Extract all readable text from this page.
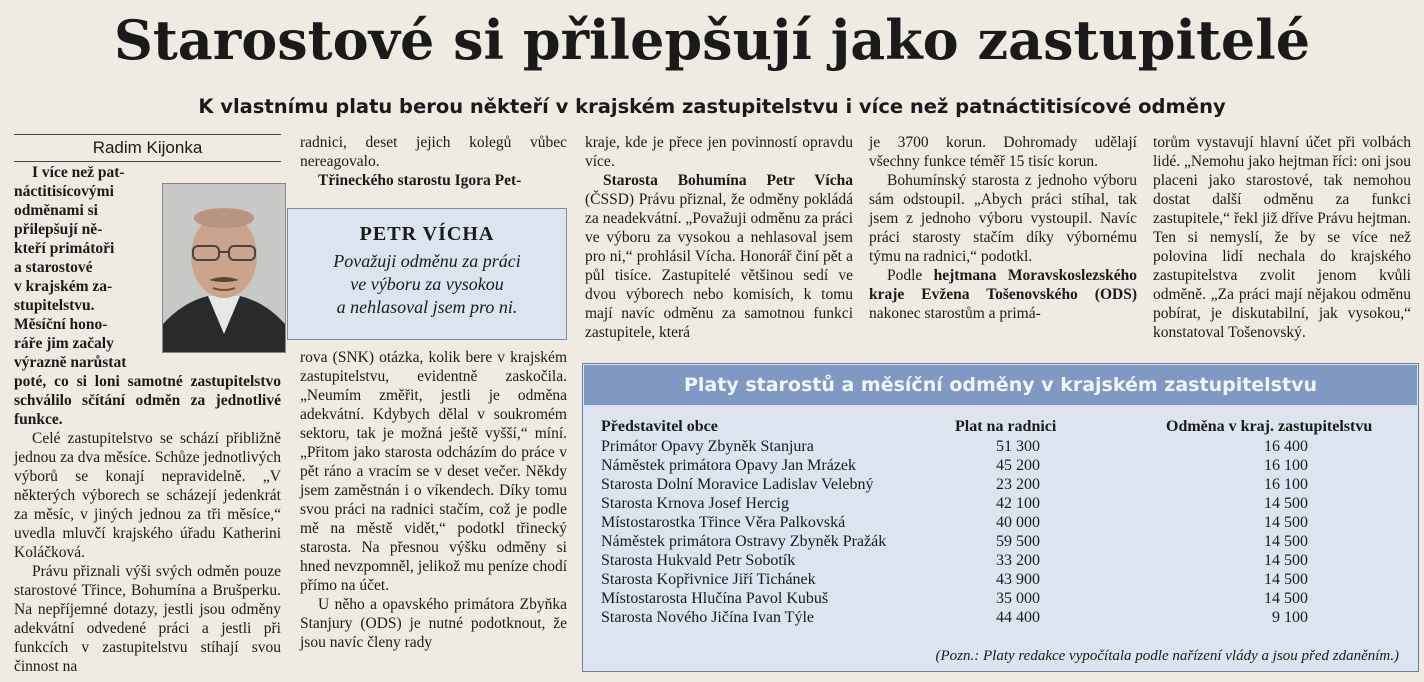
Starostové si přilepšují jako zastupitelé
K vlastnímu platu berou někteří v krajském zastupitelstvu i více než patnáctitisícové odměny
Radim Kijonka
I více než pat-
náctitisícovými
odměnami si
přilepšují ně-
kteří primátoři
a starostové
v krajském za-
stupitelstvu.
Měsíční hono-
ráře jim začaly
výrazně narůstat

poté, co si loni samotné zastupitelstvo schválilo sčítání odměn za jednotlivé funkce.

Celé zastupitelstvo se schází přibližně jednou za dva měsíce. Schůze jednotlivých výborů se konají nepravidelně. „V některých výborech se scházejí jedenkrát za měsíc, v jiných jednou za tři měsíce,“ uvedla mluvčí krajského úřadu Katherini Koláčková.

Právu přiznali výši svých odměn pouze starostové Třince, Bohumína a Brušperku. Na nepříjemné dotazy, jestli jsou odměny adekvátní odvedené práci a jestli při funkcích v zastupitelstvu stíhají svou činnost na

PETR VÍCHA
Považuji odměnu za práci
ve výboru za vysokou
a nehlasoval jsem pro ni.

radnici, deset jejich kolegů vůbec nereagovalo.

Třineckého starostu Igora Pet-

rova (SNK) otázka, kolik bere v krajském zastupitelstvu, evidentně zaskočila. „Neumím změřit, jestli je odměna adekvátní. Kdybych dělal v soukromém sektoru, tak je možná ještě vyšší,“ míní. „Přitom jako starosta odcházím do práce v pět ráno a vracím se v deset večer. Někdy jsem zaměstnán i o víkendech. Díky tomu svou práci na radnici stačím, což je podle mě na městě vidět,“ podotkl třinecký starosta. Na přesnou výšku odměny si hned nevzpomněl, jelikož mu peníze chodí přímo na účet.

U něho a opavského primátora Zbyňka Stanjury (ODS) je nutné podotknout, že jsou navíc členy rady

kraje, kde je přece jen povinností opravdu více.

Starosta Bohumína Petr Vícha (ČSSD) Právu přiznal, že odměny pokládá za neadekvátní. „Považuji odměnu za práci ve výboru za vysokou a nehlasoval jsem pro ni,“ prohlásil Vícha. Honorář činí pět a půl tisíce. Zastupitelé většinou sedí ve dvou výborech nebo komisích, k tomu mají navíc odměnu za samotnou funkci zastupitele, která

je 3700 korun. Dohromady udělají všechny funkce téměř 15 tisíc korun.

Bohumínský starosta z jednoho výboru sám odstoupil. „Abych práci stíhal, tak jsem z jednoho výboru vystoupil. Navíc práci starosty stačím díky výbornému týmu na radnici,“ podotkl.

Podle hejtmana Moravskoslezského kraje Evžena Tošenovského (ODS) nakonec starostům a primá-

torům vystavují hlavní účet při volbách lidé. „Nemohu jako hejtman říci: oni jsou placeni jako starostové, tak nemohou dostat další odměnu za funkci zastupitele,“ řekl již dříve Právu hejtman. Ten si nemyslí, že by se více než polovina lidí nechala do krajského zastupitelstva zvolit jenom kvůli odměně. „Za práci mají nějakou odměnu pobírat, je diskutabilní, jak vysokou,“ konstatoval Tošenovský.

Platy starostů a měsíční odměny v krajském zastupitelstvu
Představitel obce	Plat na radnici	Odměna v kraj. zastupitelstvu
Primátor Opavy Zbyněk Stanjura	51 300	16 400
Náměstek primátora Opavy Jan Mrázek	45 200	16 100
Starosta Dolní Moravice Ladislav Velebný	23 200	16 100
Starosta Krnova Josef Hercig	42 100	14 500
Místostarostka Třince Věra Palkovská	40 000	14 500
Náměstek primátora Ostravy Zbyněk Pražák	59 500	14 500
Starosta Hukvald Petr Sobotík	33 200	14 500
Starosta Kopřivnice Jiří Tichánek	43 900	14 500
Místostarosta Hlučína Pavol Kubuš	35 000	14 500
Starosta Nového Jičína Ivan Týle	44 400	9 100
(Pozn.: Platy redakce vypočítala podle nařízení vlády a jsou před zdaněním.)
